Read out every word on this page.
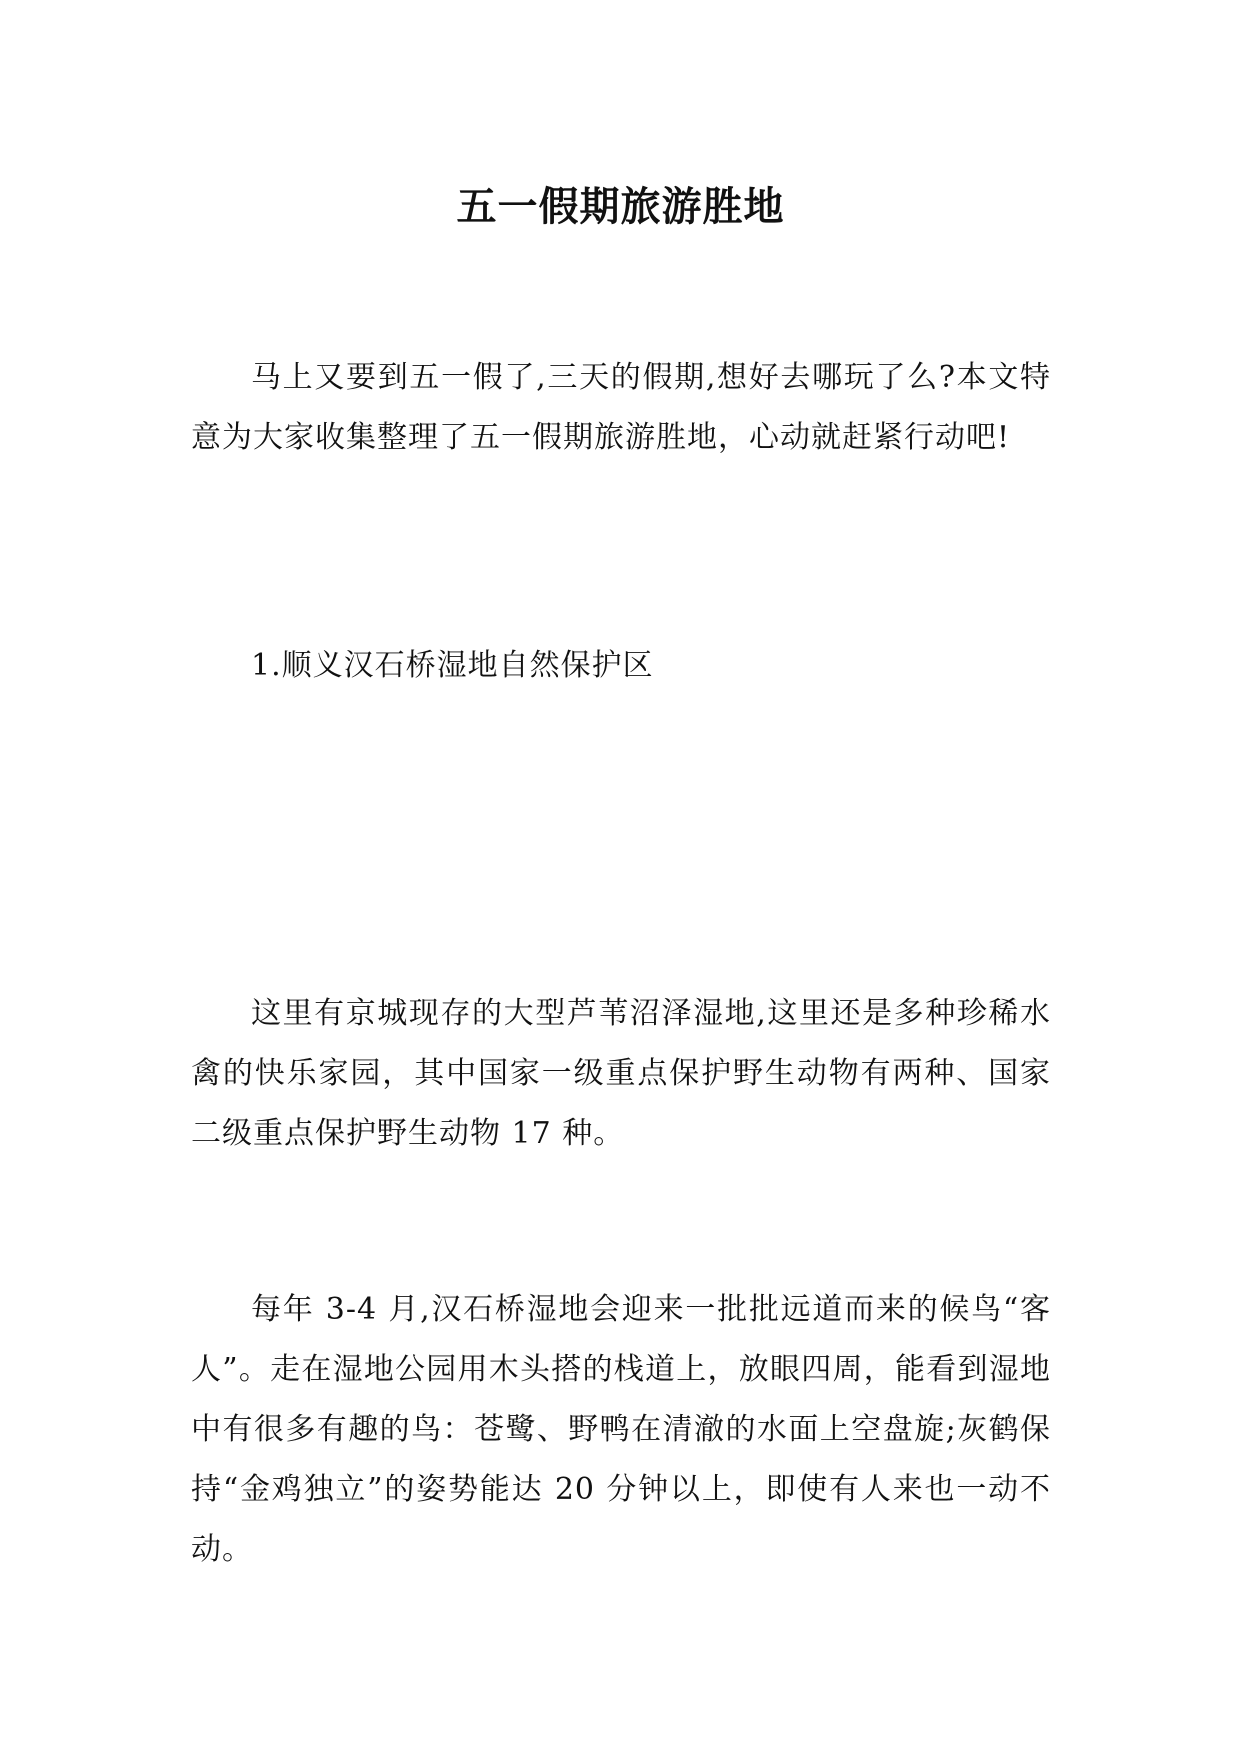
五一假期旅游胜地

马上又要到五一假了,三天的假期,想好去哪玩了么?本文特意为大家收集整理了五一假期旅游胜地，心动就赶紧行动吧!

1.顺义汉石桥湿地自然保护区

这里有京城现存的大型芦苇沼泽湿地,这里还是多种珍稀水禽的快乐家园，其中国家一级重点保护野生动物有两种、国家二级重点保护野生动物 17 种。

每年 3-4 月,汉石桥湿地会迎来一批批远道而来的候鸟“客人”。走在湿地公园用木头搭的栈道上，放眼四周，能看到湿地中有很多有趣的鸟：苍鹭、野鸭在清澈的水面上空盘旋;灰鹤保持“金鸡独立”的姿势能达 20 分钟以上，即使有人来也一动不动。
